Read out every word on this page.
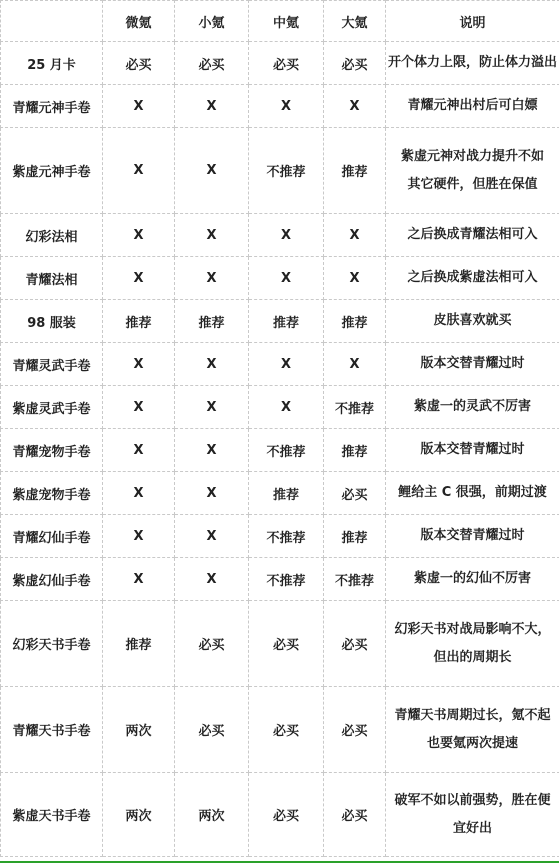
	微氪	小氪	中氪	大氪	说明
25 月卡	必买	必买	必买	必买	开个体力上限，防止体力溢出
青耀元神手卷	X	X	X	X	青耀元神出村后可白嫖
紫虚元神手卷	X	X	不推荐	推荐	紫虚元神对战力提升不如
其它硬件，但胜在保值
幻彩法相	X	X	X	X	之后换成青耀法相可入
青耀法相	X	X	X	X	之后换成紫虚法相可入
98 服装	推荐	推荐	推荐	推荐	皮肤喜欢就买
青耀灵武手卷	X	X	X	X	版本交替青耀过时
紫虚灵武手卷	X	X	X	不推荐	紫虚一的灵武不厉害
青耀宠物手卷	X	X	不推荐	推荐	版本交替青耀过时
紫虚宠物手卷	X	X	推荐	必买	鲤给主 C 很强，前期过渡
青耀幻仙手卷	X	X	不推荐	推荐	版本交替青耀过时
紫虚幻仙手卷	X	X	不推荐	不推荐	紫虚一的幻仙不厉害
幻彩天书手卷	推荐	必买	必买	必买	幻彩天书对战局影响不大，
但出的周期长
青耀天书手卷	两次	必买	必买	必买	青耀天书周期过长，氪不起
也要氪两次提速
紫虚天书手卷	两次	两次	必买	必买	破军不如以前强势，胜在便
宜好出
